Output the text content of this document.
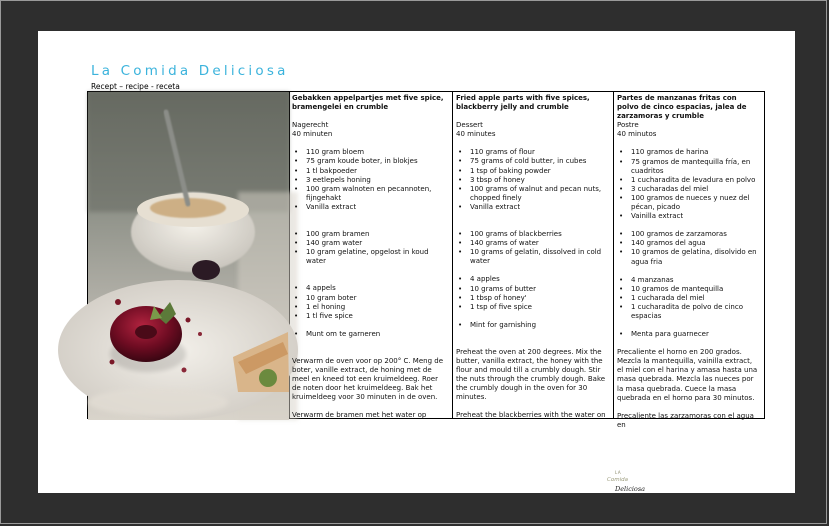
La Comida Deliciosa
Recept – recipe - receta
Gebakken appelpartjes met five spice, bramengelei en crumble
Nagerecht
40 minuten
• 110 gram bloem
• 75 gram koude boter, in blokjes
• 1 tl bakpoeder
• 3 eetlepels honing
• 100 gram walnoten en pecannoten, fijngehakt
• Vanilla extract
• 100 gram bramen
• 140 gram water
• 10 gram gelatine, opgelost in koud water
• 4 appels
• 10 gram boter
• 1 el honing
• 1 tl five spice
• Munt om te garneren

Verwarm de oven voor op 200° C. Meng de boter, vanille extract, de honing met de meel en kneed tot een kruimeldeeg. Roer de noten door het kruimeldeeg. Bak het kruimeldeeg voor 30 minuten in de oven.

Verwarm de bramen met het water op

Fried apple parts with five spices, blackberry jelly and crumble
Dessert
40 minutes
• 110 grams of flour
• 75 grams of cold butter, in cubes
• 1 tsp of baking powder
• 3 tbsp of honey
• 100 grams of walnut and pecan nuts, chopped finely
• Vanilla extract
• 100 grams of blackberries
• 140 grams of water
• 10 grams of gelatin, dissolved in cold water
• 4 apples
• 10 grams of butter
• 1 tbsp of honey'
• 1 tsp of five spice
• Mint for garnishing

Preheat the oven at 200 degrees. Mix the butter, vanilla extract, the honey with the flour and mould till a crumbly dough. Stir the nuts through the crumbly dough. Bake the crumbly dough in the oven for 30 minutes.

Preheat the blackberries with the water on

Partes de manzanas fritas con polvo de cinco espacias, jalea de zarzamoras y crumble
Postre
40 minutos
• 110 gramos de harina
• 75 gramos de mantequilla fría, en cuadritos
• 1 cucharadita de levadura en polvo
• 3 cucharadas del miel
• 100 gramos de nueces y nuez del pécan, picado
• Vainilla extract
• 100 gramos de zarzamoras
• 140 gramos del agua
• 10 gramos de gelatina, disolvido en agua fria
• 4 manzanas
• 10 gramos de mantequilla
• 1 cucharada del miel
• 1 cucharadita de polvo de cinco espacias
• Menta para guarnecer

Precaliente el horno en 200 grados. Mezcla la mantequilla, vainilla extract, el miel con el harina y amasa hasta una masa quebrada. Mezcla las nueces por la masa quebrada. Cuece la masa quebrada en el horno para 30 minutos.

Precaliente las zarzamoras con el agua en

LA
Comida
Deliciosa
